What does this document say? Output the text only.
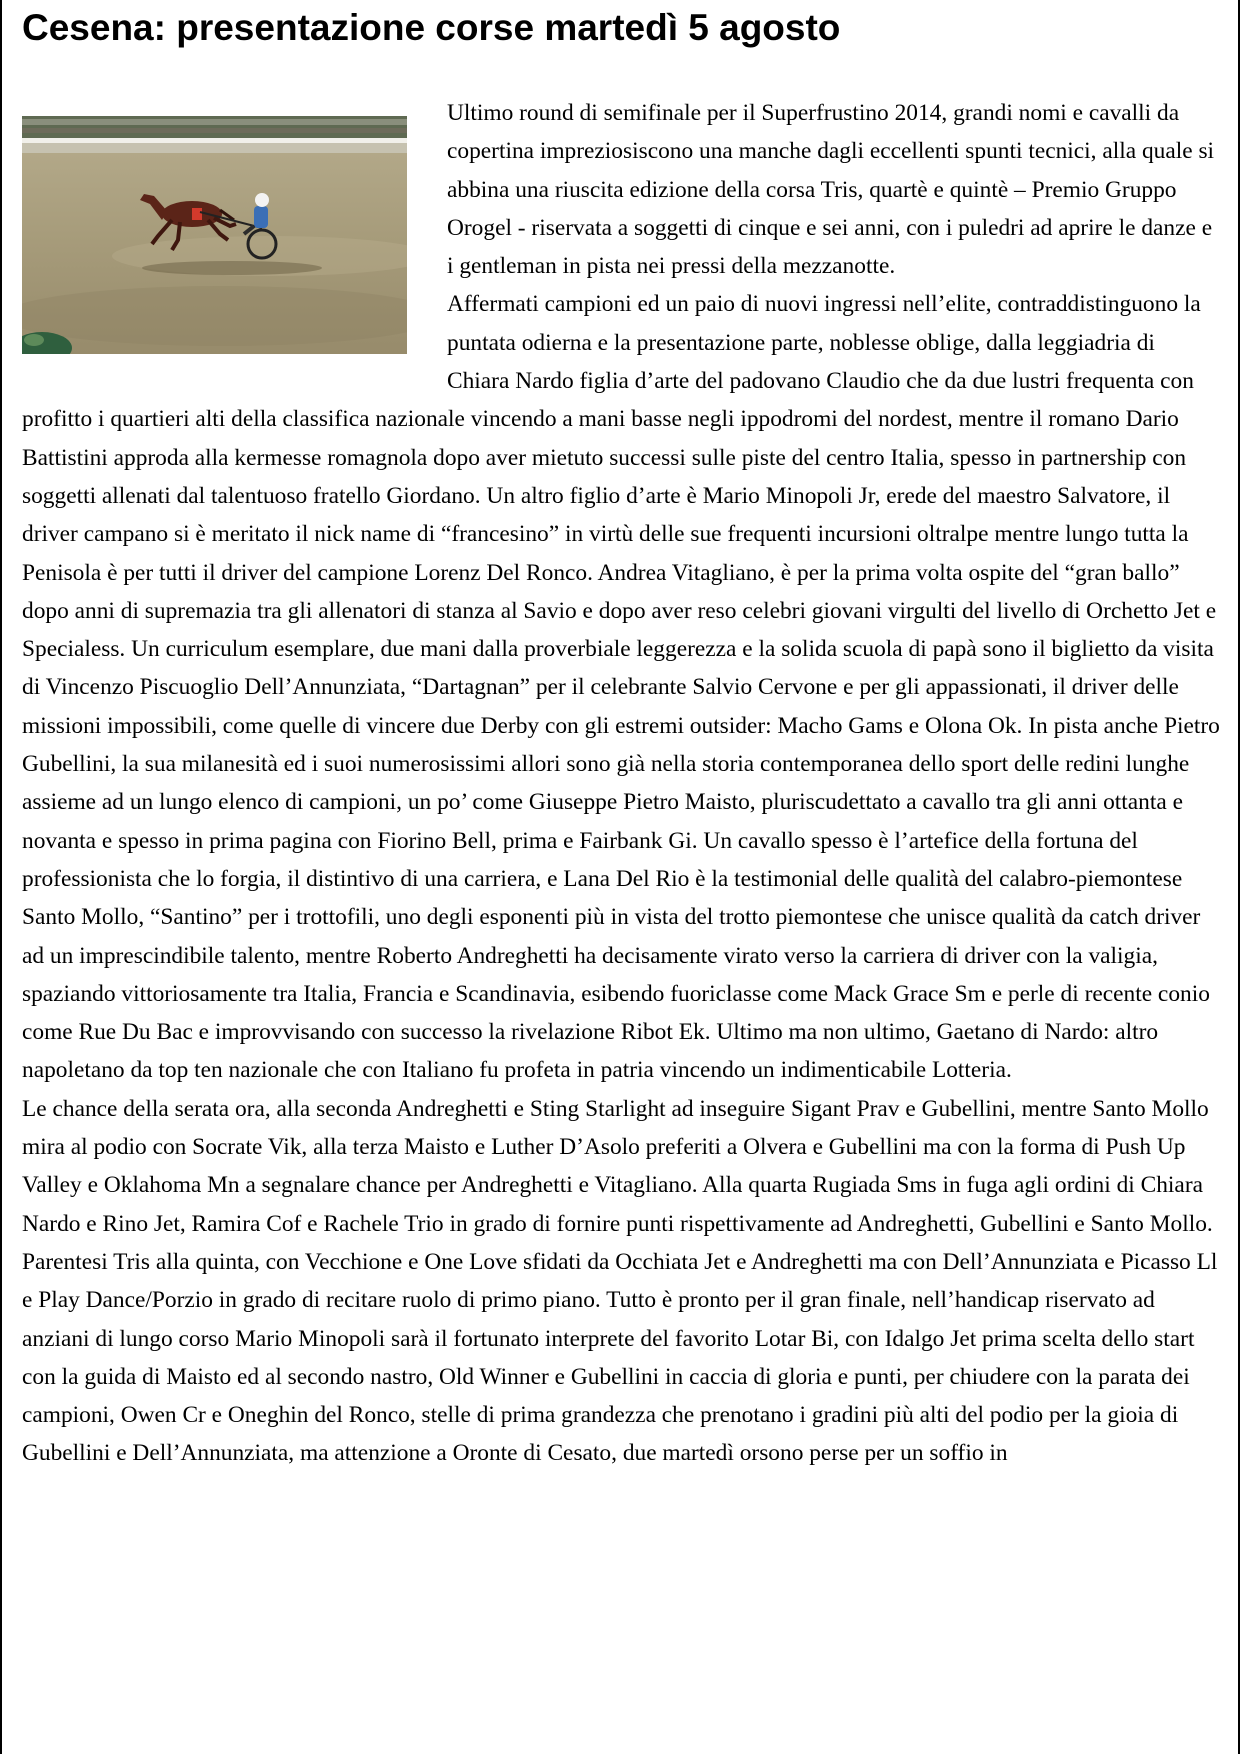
Cesena: presentazione corse martedì 5 agosto

Ultimo round di semifinale per il Superfrustino 2014, grandi nomi e cavalli da copertina impreziosiscono una manche dagli eccellenti spunti tecnici, alla quale si abbina una riuscita edizione della corsa Tris, quartè e quintè – Premio Gruppo Orogel - riservata a soggetti di cinque e sei anni, con i puledri ad aprire le danze e i gentleman in pista nei pressi della mezzanotte.

Affermati campioni ed un paio di nuovi ingressi nell’elite, contraddistinguono la puntata odierna e la presentazione parte, noblesse oblige, dalla leggiadria di Chiara Nardo figlia d’arte del padovano Claudio che da due lustri frequenta con profitto i quartieri alti della classifica nazionale vincendo a mani basse negli ippodromi del nordest, mentre il romano Dario Battistini approda alla kermesse romagnola dopo aver mietuto successi sulle piste del centro Italia, spesso in partnership con soggetti allenati dal talentuoso fratello Giordano. Un altro figlio d’arte è Mario Minopoli Jr, erede del maestro Salvatore, il driver campano si è meritato il nick name di “francesino” in virtù delle sue frequenti incursioni oltralpe mentre lungo tutta la Penisola è per tutti il driver del campione Lorenz Del Ronco. Andrea Vitagliano, è per la prima volta ospite del “gran ballo” dopo anni di supremazia tra gli allenatori di stanza al Savio e dopo aver reso celebri giovani virgulti del livello di Orchetto Jet e Specialess. Un curriculum esemplare, due mani dalla proverbiale leggerezza e la solida scuola di papà sono il biglietto da visita di Vincenzo Piscuoglio Dell’Annunziata, “Dartagnan” per il celebrante Salvio Cervone e per gli appassionati, il driver delle missioni impossibili, come quelle di vincere due Derby con gli estremi outsider: Macho Gams e Olona Ok. In pista anche Pietro Gubellini, la sua milanesità ed i suoi numerosissimi allori sono già nella storia contemporanea dello sport delle redini lunghe assieme ad un lungo elenco di campioni, un po’ come Giuseppe Pietro Maisto, pluriscudettato a cavallo tra gli anni ottanta e novanta e spesso in prima pagina con Fiorino Bell, prima e Fairbank Gi. Un cavallo spesso è l’artefice della fortuna del professionista che lo forgia, il distintivo di una carriera, e Lana Del Rio è la testimonial delle qualità del calabro-piemontese Santo Mollo, “Santino” per i trottofili, uno degli esponenti più in vista del trotto piemontese che unisce qualità da catch driver ad un imprescindibile talento, mentre Roberto Andreghetti ha decisamente virato verso la carriera di driver con la valigia, spaziando vittoriosamente tra Italia, Francia e Scandinavia, esibendo fuoriclasse come Mack Grace Sm e perle di recente conio come Rue Du Bac e improvvisando con successo la rivelazione Ribot Ek. Ultimo ma non ultimo, Gaetano di Nardo: altro napoletano da top ten nazionale che con Italiano fu profeta in patria vincendo un indimenticabile Lotteria.

Le chance della serata ora, alla seconda Andreghetti e Sting Starlight ad inseguire Sigant Prav e Gubellini, mentre Santo Mollo mira al podio con Socrate Vik, alla terza Maisto e Luther D’Asolo preferiti a Olvera e Gubellini ma con la forma di Push Up Valley e Oklahoma Mn a segnalare chance per Andreghetti e Vitagliano. Alla quarta Rugiada Sms in fuga agli ordini di Chiara Nardo e Rino Jet, Ramira Cof e Rachele Trio in grado di fornire punti rispettivamente ad Andreghetti, Gubellini e Santo Mollo.

Parentesi Tris alla quinta, con Vecchione e One Love sfidati da Occhiata Jet e Andreghetti ma con Dell’Annunziata e Picasso Ll e Play Dance/Porzio in grado di recitare ruolo di primo piano. Tutto è pronto per il gran finale, nell’handicap riservato ad anziani di lungo corso Mario Minopoli sarà il fortunato interprete del favorito Lotar Bi, con Idalgo Jet prima scelta dello start con la guida di Maisto ed al secondo nastro, Old Winner e Gubellini in caccia di gloria e punti, per chiudere con la parata dei campioni, Owen Cr e Oneghin del Ronco, stelle di prima grandezza che prenotano i gradini più alti del podio per la gioia di Gubellini e Dell’Annunziata, ma attenzione a Oronte di Cesato, due martedì orsono perse per un soffio in
